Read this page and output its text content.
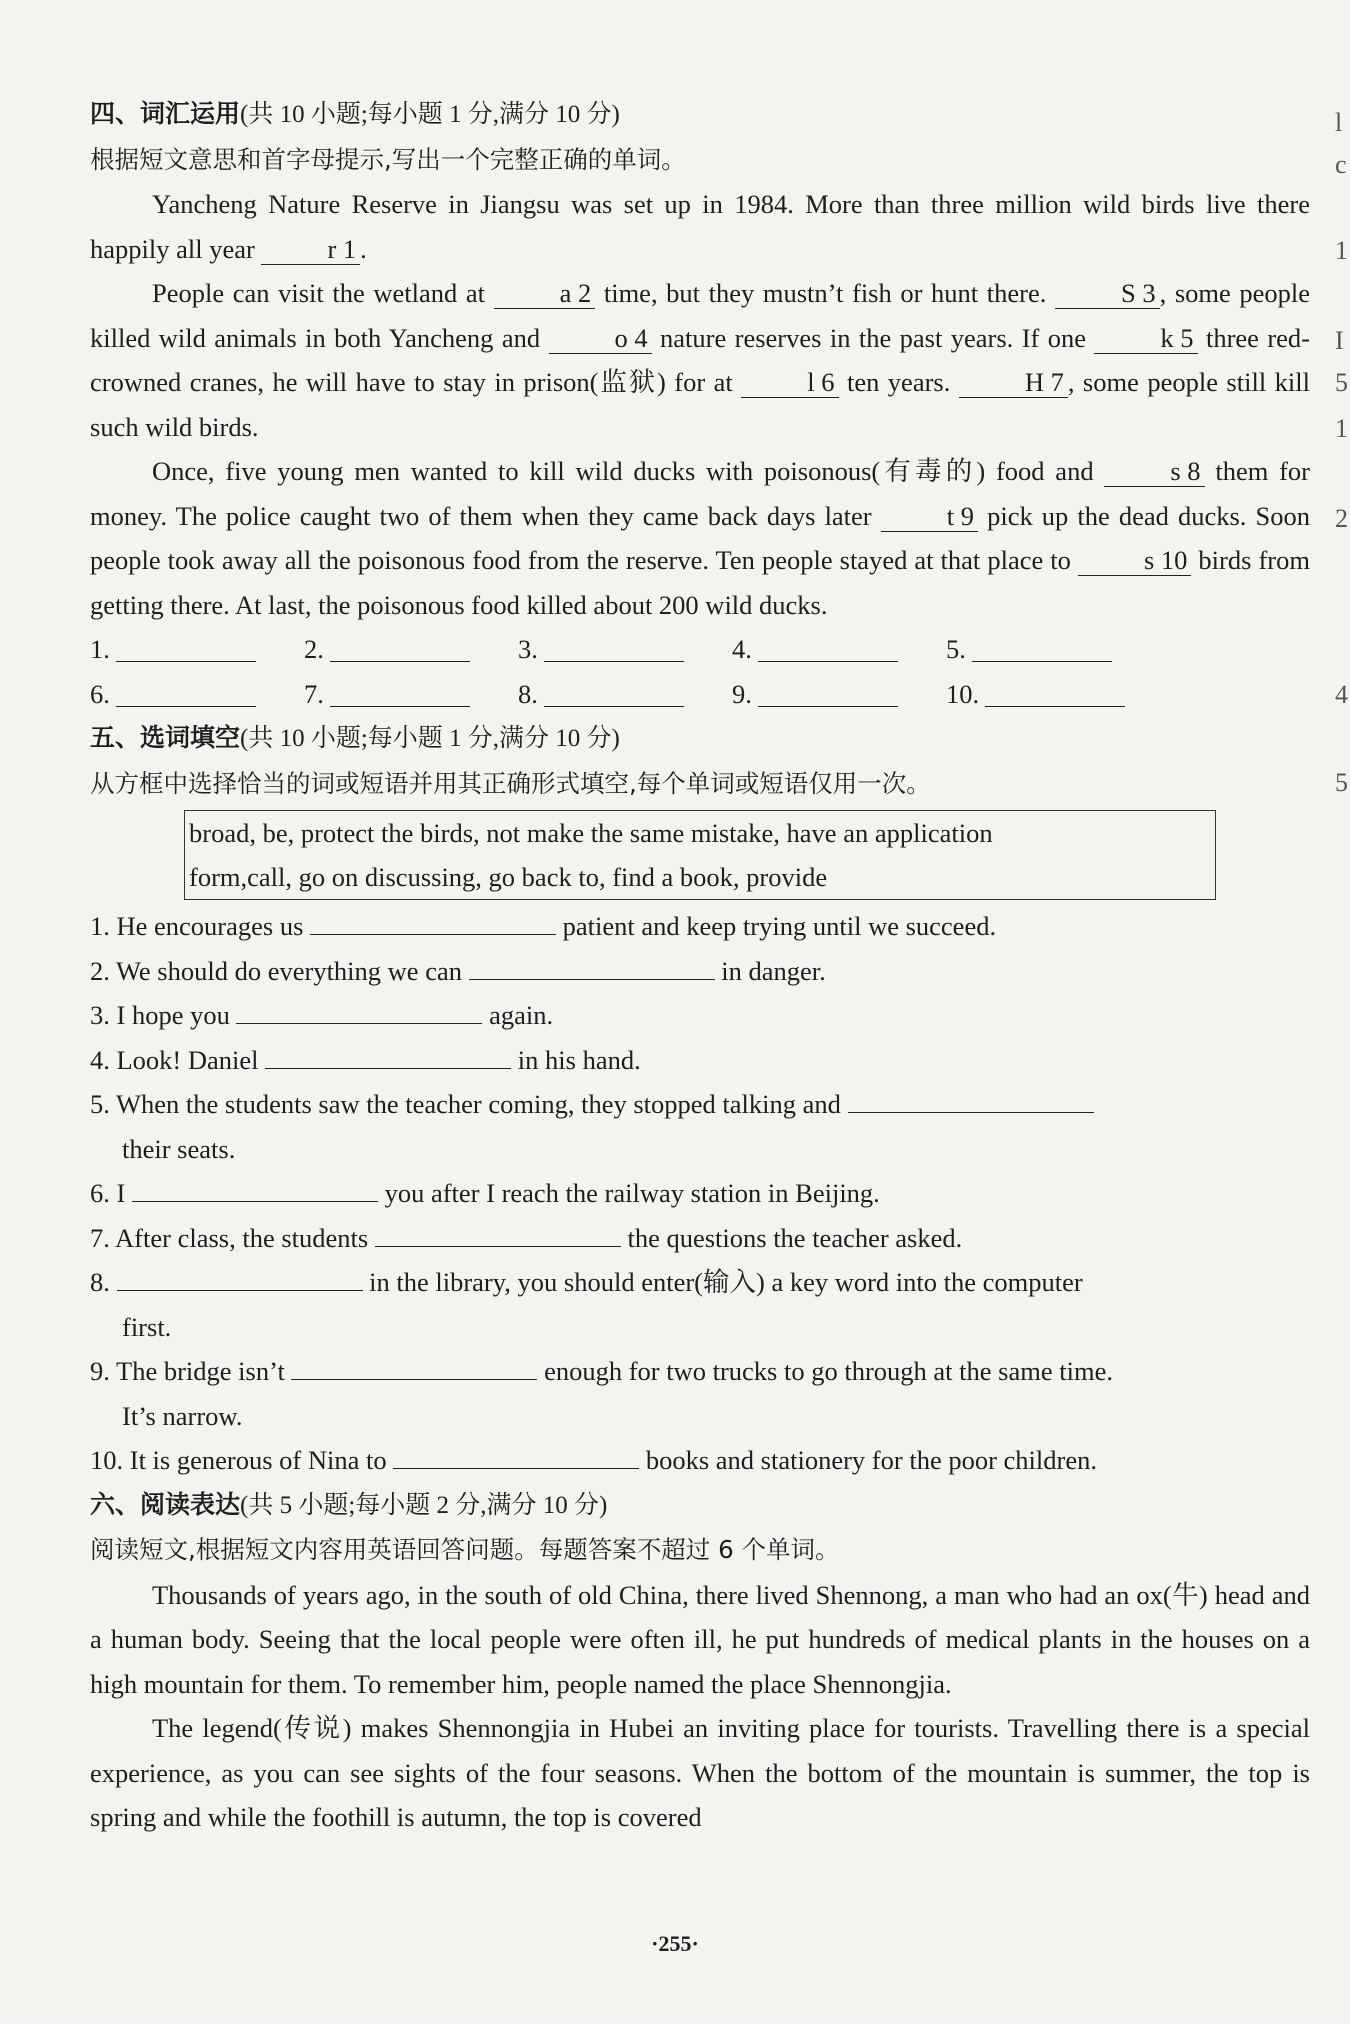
四、词汇运用(共 10 小题;每小题 1 分,满分 10 分)
根据短文意思和首字母提示,写出一个完整正确的单词。

Yancheng Nature Reserve in Jiangsu was set up in 1984. More than three million wild birds live there happily all year r 1 .

People can visit the wetland at a 2 time, but they mustn’t fish or hunt there. S 3 , some people killed wild animals in both Yancheng and o 4 nature reserves in the past years. If one k 5 three red-crowned cranes, he will have to stay in prison(监狱) for at l 6 ten years. H 7 , some people still kill such wild birds.

Once, five young men wanted to kill wild ducks with poisonous(有毒的) food and s 8 them for money. The police caught two of them when they came back days later t 9 pick up the dead ducks. Soon people took away all the poisonous food from the reserve. Ten people stayed at that place to s 10 birds from getting there. At last, the poisonous food killed about 200 wild ducks.

1.	2.	3.	4.	5.
6.	7.	8.	9.	10.
五、选词填空(共 10 小题;每小题 1 分,满分 10 分)
从方框中选择恰当的词或短语并用其正确形式填空,每个单词或短语仅用一次。
broad, be, protect the birds, not make the same mistake, have an application
form,call, go on discussing, go back to, find a book, provide

1. He encourages us	patient and keep trying until we succeed.

2. We should do everything we can	in danger.

3. I hope you	again.

4. Look! Daniel	in his hand.

5. When the students saw the teacher coming, they stopped talking and

their seats.

6. I	you after I reach the railway station in Beijing.

7. After class, the students	the questions the teacher asked.

8.	in the library, you should enter(输入) a key word into the computer

first.

9. The bridge isn’t	enough for two trucks to go through at the same time.

It’s narrow.

10. It is generous of Nina to	books and stationery for the poor children.

六、阅读表达(共 5 小题;每小题 2 分,满分 10 分)
阅读短文,根据短文内容用英语回答问题。每题答案不超过 6 个单词。

Thousands of years ago, in the south of old China, there lived Shennong, a man who had an ox(牛) head and a human body. Seeing that the local people were often ill, he put hundreds of medical plants in the houses on a high mountain for them. To remember him, people named the place Shennongjia.

The legend(传说) makes Shennongjia in Hubei an inviting place for tourists. Travelling there is a special experience, as you can see sights of the four seasons. When the bottom of the mountain is summer, the top is spring and while the foothill is autumn, the top is covered

·255·
l
c
1
I
5
1
2
4
5
